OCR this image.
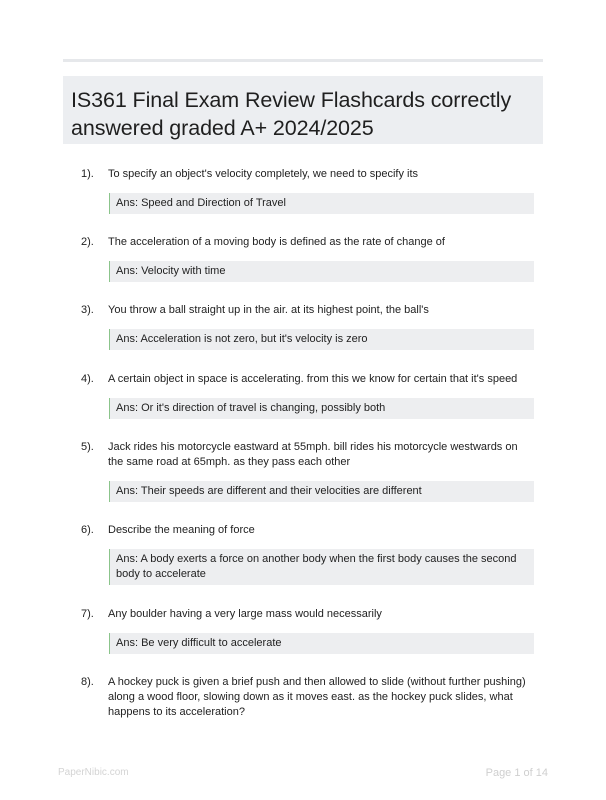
IS361 Final Exam Review Flashcards correctly answered graded A+ 2024/2025
1). To specify an object's velocity completely, we need to specify its
Ans: Speed and Direction of Travel
2). The acceleration of a moving body is defined as the rate of change of
Ans: Velocity with time
3). You throw a ball straight up in the air. at its highest point, the ball's
Ans: Acceleration is not zero, but it's velocity is zero
4). A certain object in space is accelerating. from this we know for certain that it's speed
Ans: Or it's direction of travel is changing, possibly both
5). Jack rides his motorcycle eastward at 55mph. bill rides his motorcycle westwards on the same road at 65mph. as they pass each other
Ans: Their speeds are different and their velocities are different
6). Describe the meaning of force
Ans: A body exerts a force on another body when the first body causes the second body to accelerate
7). Any boulder having a very large mass would necessarily
Ans: Be very difficult to accelerate
8). A hockey puck is given a brief push and then allowed to slide (without further pushing) along a wood floor, slowing down as it moves east. as the hockey puck slides, what happens to its acceleration?
PaperNibic.com	Page 1 of 14
